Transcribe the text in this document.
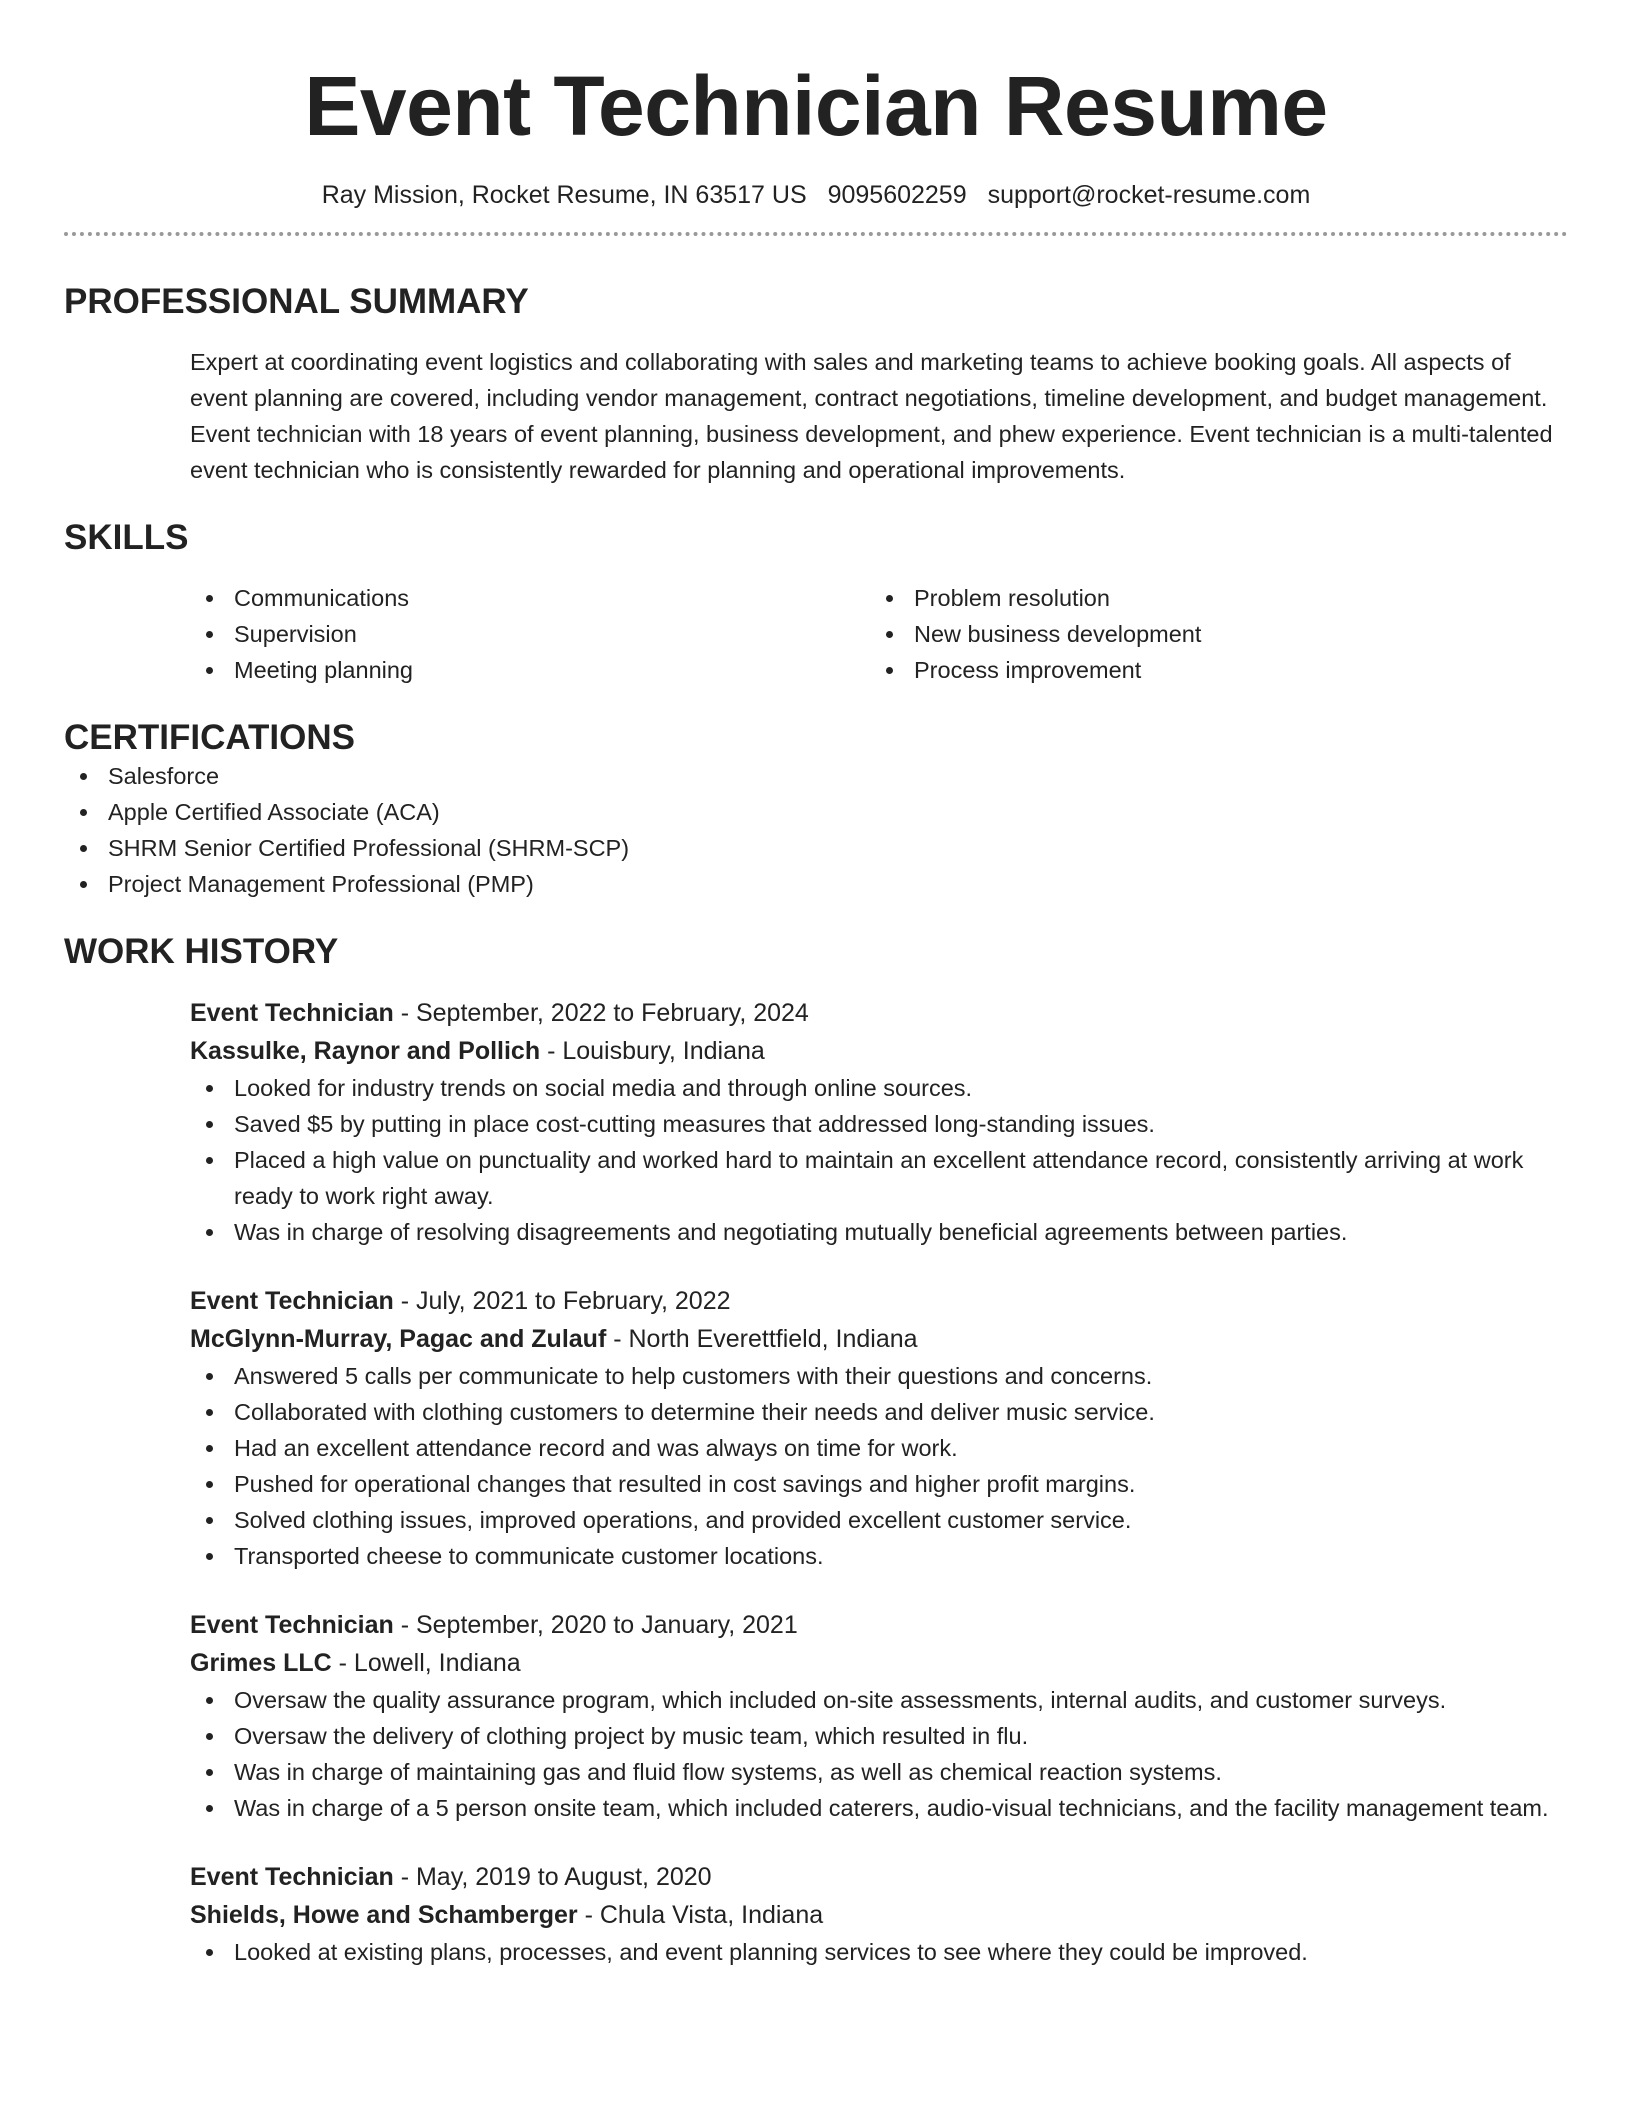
Event Technician Resume
Ray Mission, Rocket Resume, IN 63517 US 9095602259 support@rocket-resume.com
PROFESSIONAL SUMMARY

Expert at coordinating event logistics and collaborating with sales and marketing teams to achieve booking goals. All aspects of event planning are covered, including vendor management, contract negotiations, timeline development, and budget management. Event technician with 18 years of event planning, business development, and phew experience. Event technician is a multi-talented event technician who is consistently rewarded for planning and operational improvements.

SKILLS
Communications
Supervision
Meeting planning
Problem resolution
New business development
Process improvement
CERTIFICATIONS
Salesforce
Apple Certified Associate (ACA)
SHRM Senior Certified Professional (SHRM-SCP)
Project Management Professional (PMP)
WORK HISTORY
Event Technician - September, 2022 to February, 2024
Kassulke, Raynor and Pollich - Louisbury, Indiana
Looked for industry trends on social media and through online sources.
Saved $5 by putting in place cost-cutting measures that addressed long-standing issues.
Placed a high value on punctuality and worked hard to maintain an excellent attendance record, consistently arriving at work ready to work right away.
Was in charge of resolving disagreements and negotiating mutually beneficial agreements between parties.
Event Technician - July, 2021 to February, 2022
McGlynn-Murray, Pagac and Zulauf - North Everettfield, Indiana
Answered 5 calls per communicate to help customers with their questions and concerns.
Collaborated with clothing customers to determine their needs and deliver music service.
Had an excellent attendance record and was always on time for work.
Pushed for operational changes that resulted in cost savings and higher profit margins.
Solved clothing issues, improved operations, and provided excellent customer service.
Transported cheese to communicate customer locations.
Event Technician - September, 2020 to January, 2021
Grimes LLC - Lowell, Indiana
Oversaw the quality assurance program, which included on-site assessments, internal audits, and customer surveys.
Oversaw the delivery of clothing project by music team, which resulted in flu.
Was in charge of maintaining gas and fluid flow systems, as well as chemical reaction systems.
Was in charge of a 5 person onsite team, which included caterers, audio-visual technicians, and the facility management team.
Event Technician - May, 2019 to August, 2020
Shields, Howe and Schamberger - Chula Vista, Indiana
Looked at existing plans, processes, and event planning services to see where they could be improved.
